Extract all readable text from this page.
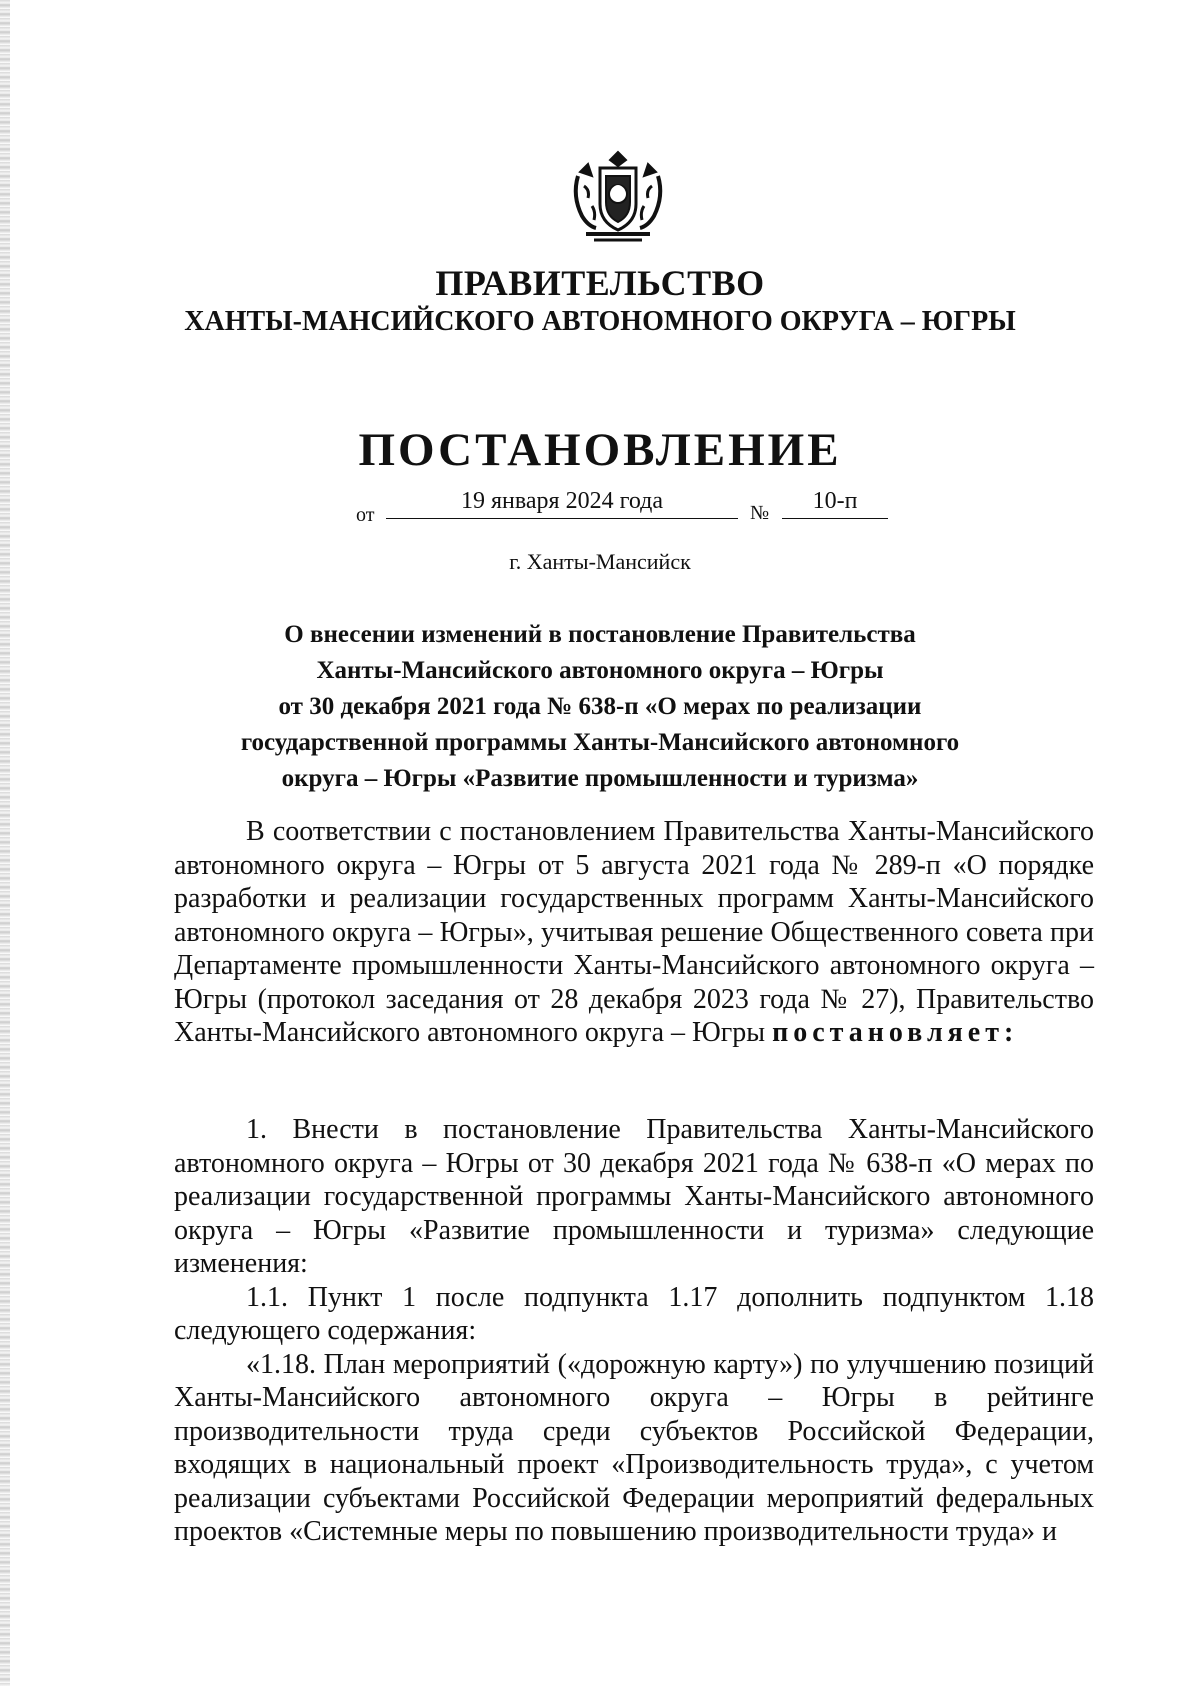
ПРАВИТЕЛЬСТВО
ХАНТЫ-МАНСИЙСКОГО АВТОНОМНОГО ОКРУГА – ЮГРЫ
ПОСТАНОВЛЕНИЕ
от
19 января 2024 года	№	10-п
г. Ханты-Мансийск
О внесении изменений в постановление Правительства
Ханты-Мансийского автономного округа – Югры
от 30 декабря 2021 года № 638-п «О мерах по реализации
государственной программы Ханты-Мансийского автономного
округа – Югры «Развитие промышленности и туризма»

В соответствии с постановлением Правительства Ханты-Мансийского автономного округа – Югры от 5 августа 2021 года № 289-п «О порядке разработки и реализации государственных программ Ханты-Мансийского автономного округа – Югры», учитывая решение Общественного совета при Департаменте промышленности Ханты-Мансийского автономного округа – Югры (протокол заседания от 28 декабря 2023 года № 27), Правительство Ханты-Мансийского автономного округа – Югры постановляет:

1. Внести в постановление Правительства Ханты-Мансийского автономного округа – Югры от 30 декабря 2021 года № 638-п «О мерах по реализации государственной программы Ханты-Мансийского автономного округа – Югры «Развитие промышленности и туризма» следующие изменения:

1.1. Пункт 1 после подпункта 1.17 дополнить подпунктом 1.18 следующего содержания:

«1.18. План мероприятий («дорожную карту») по улучшению позиций Ханты-Мансийского автономного округа – Югры в рейтинге производительности труда среди субъектов Российской Федерации, входящих в национальный проект «Производительность труда», с учетом реализации субъектами Российской Федерации мероприятий федеральных проектов «Системные меры по повышению производительности труда» и
